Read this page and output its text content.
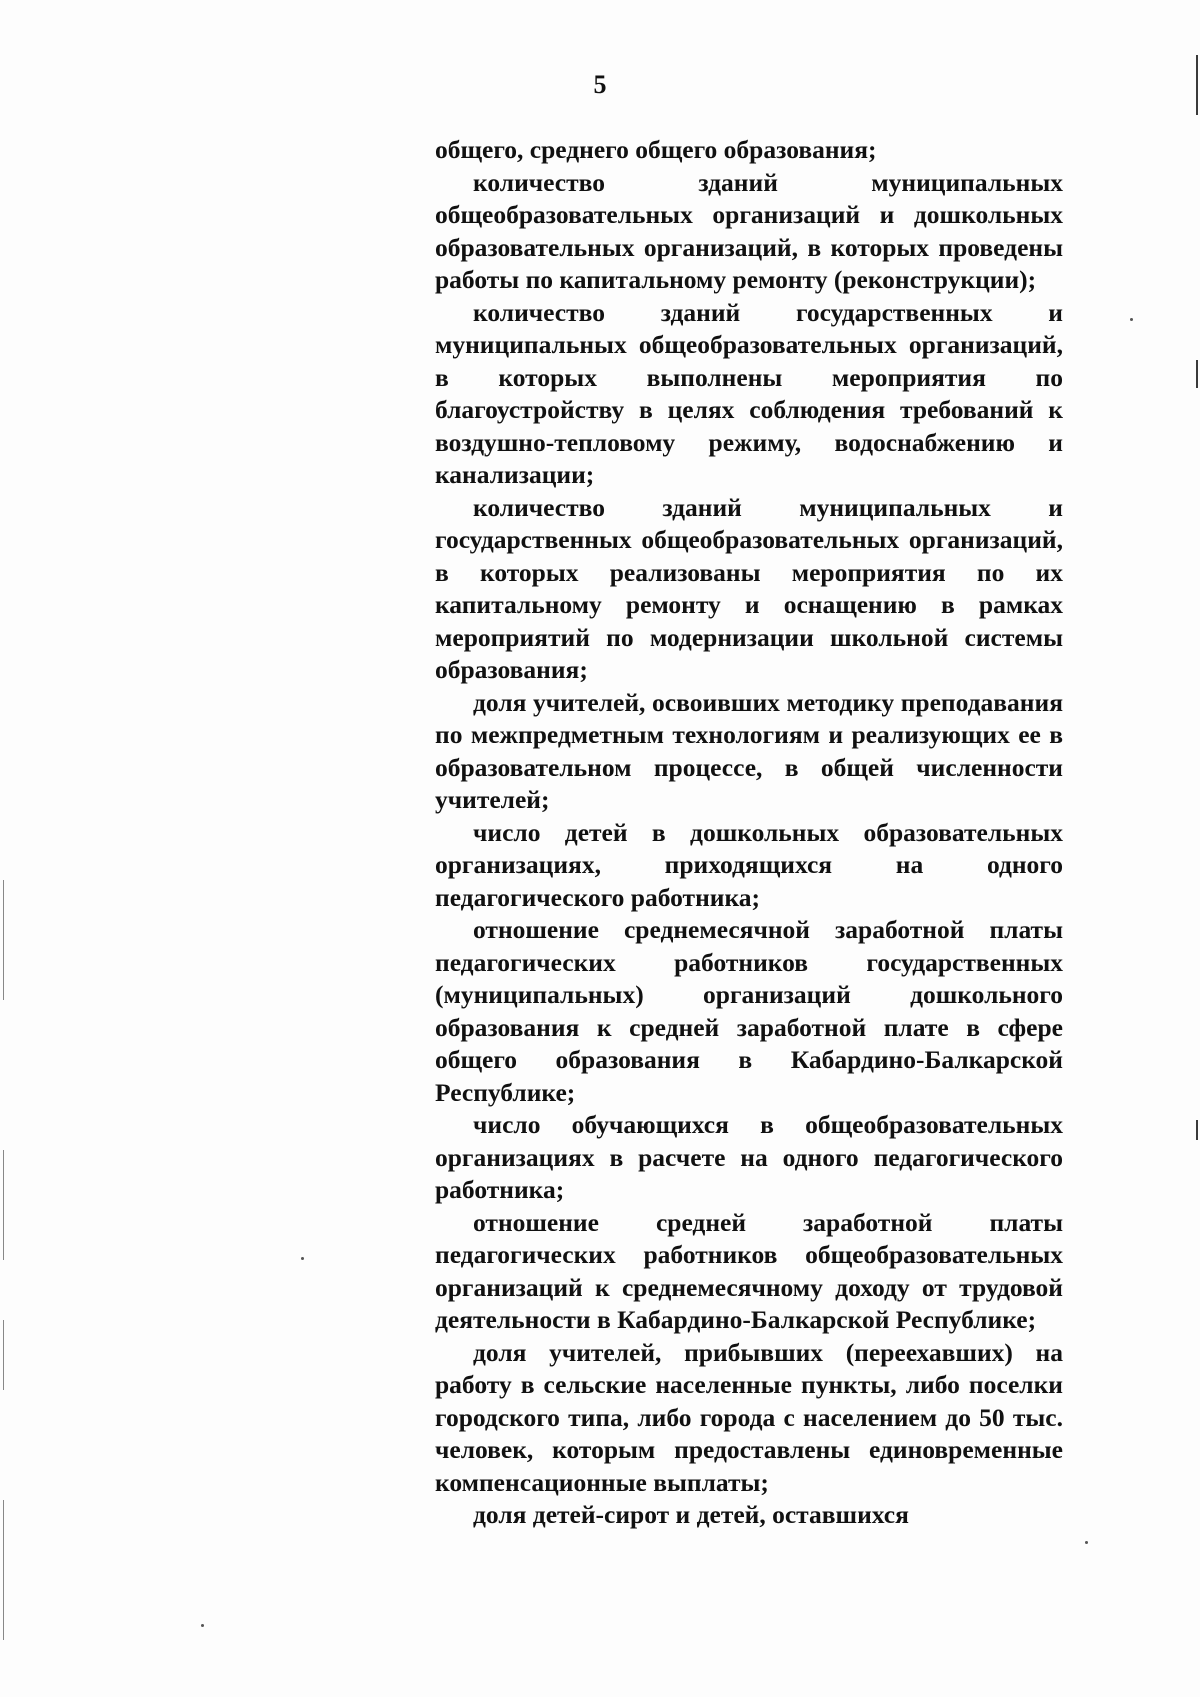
5

общего, среднего общего образования;

количество зданий муниципальных общеобразовательных организаций и дошкольных образовательных организаций, в которых проведены работы по капитальному ремонту (реконструкции);

количество зданий государственных и муниципальных общеобразовательных организаций, в которых выполнены мероприятия по благоустройству в целях соблюдения требований к воздушно-тепловому режиму, водоснабжению и канализации;

количество зданий муниципальных и государственных общеобразовательных организаций, в которых реализованы мероприятия по их капитальному ремонту и оснащению в рамках мероприятий по модернизации школьной системы образования;

доля учителей, освоивших методику преподавания по межпредметным технологиям и реализующих ее в образовательном процессе, в общей численности учителей;

число детей в дошкольных образовательных организациях, приходящихся на одного педагогического работника;

отношение среднемесячной заработной платы педагогических работников государственных (муниципальных) организаций дошкольного образования к средней заработной плате в сфере общего образования в Кабардино-Балкарской Республике;

число обучающихся в общеобразовательных организациях в расчете на одного педагогического работника;

отношение средней заработной платы педагогических работников общеобразовательных организаций к среднемесячному доходу от трудовой деятельности в Кабардино-Балкарской Республике;

доля учителей, прибывших (переехавших) на работу в сельские населенные пункты, либо поселки городского типа, либо города с населением до 50 тыс. человек, которым предоставлены единовременные компенсационные выплаты;

доля детей-сирот и детей, оставшихся
